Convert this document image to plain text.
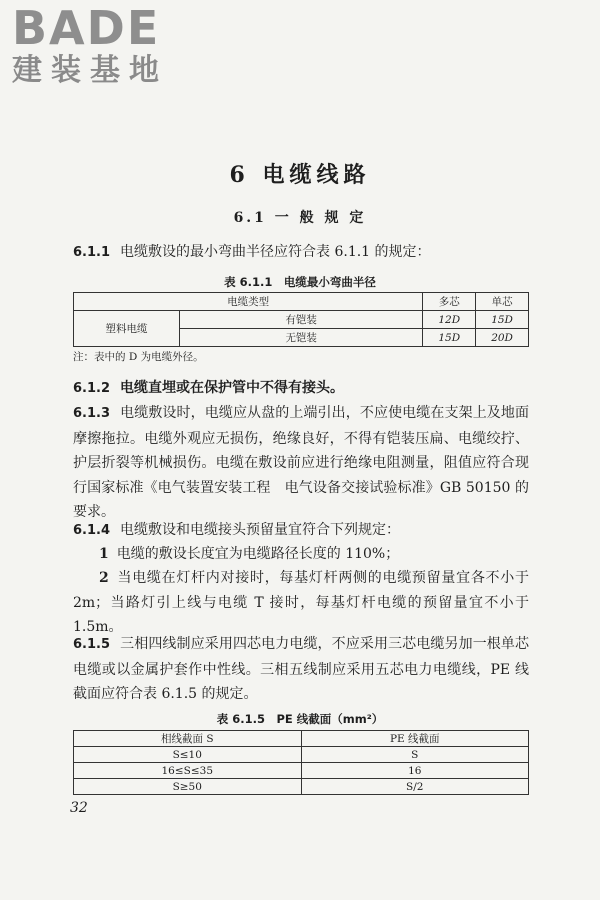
BADE
建装基地
6 电缆线路
6.1 一 般 规 定

6.1.1 电缆敷设的最小弯曲半径应符合表 6.1.1 的规定：

表 6.1.1　电缆最小弯曲半径
电缆类型		多芯	单芯
塑料电缆	有铠装	12D	15D
	无铠装	15D	20D
注：表中的 D 为电缆外径。

6.1.2 电缆直埋或在保护管中不得有接头。

6.1.3 电缆敷设时，电缆应从盘的上端引出，不应使电缆在支架上及地面摩擦拖拉。电缆外观应无损伤，绝缘良好，不得有铠装压扁、电缆绞拧、护层折裂等机械损伤。电缆在敷设前应进行绝缘电阻测量，阻值应符合现行国家标准《电气装置安装工程　电气设备交接试验标准》GB 50150 的要求。

6.1.4 电缆敷设和电缆接头预留量宜符合下列规定：

1 电缆的敷设长度宜为电缆路径长度的 110%；

2 当电缆在灯杆内对接时，每基灯杆两侧的电缆预留量宜各不小于 2m；当路灯引上线与电缆 T 接时，每基灯杆电缆的预留量宜不小于 1.5m。

6.1.5 三相四线制应采用四芯电力电缆，不应采用三芯电缆另加一根单芯电缆或以金属护套作中性线。三相五线制应采用五芯电力电缆线，PE 线截面应符合表 6.1.5 的规定。

表 6.1.5　PE 线截面（mm²）
相线截面 S	PE 线截面
S≤10	S
16≤S≤35	16
S≥50	S/2
32
